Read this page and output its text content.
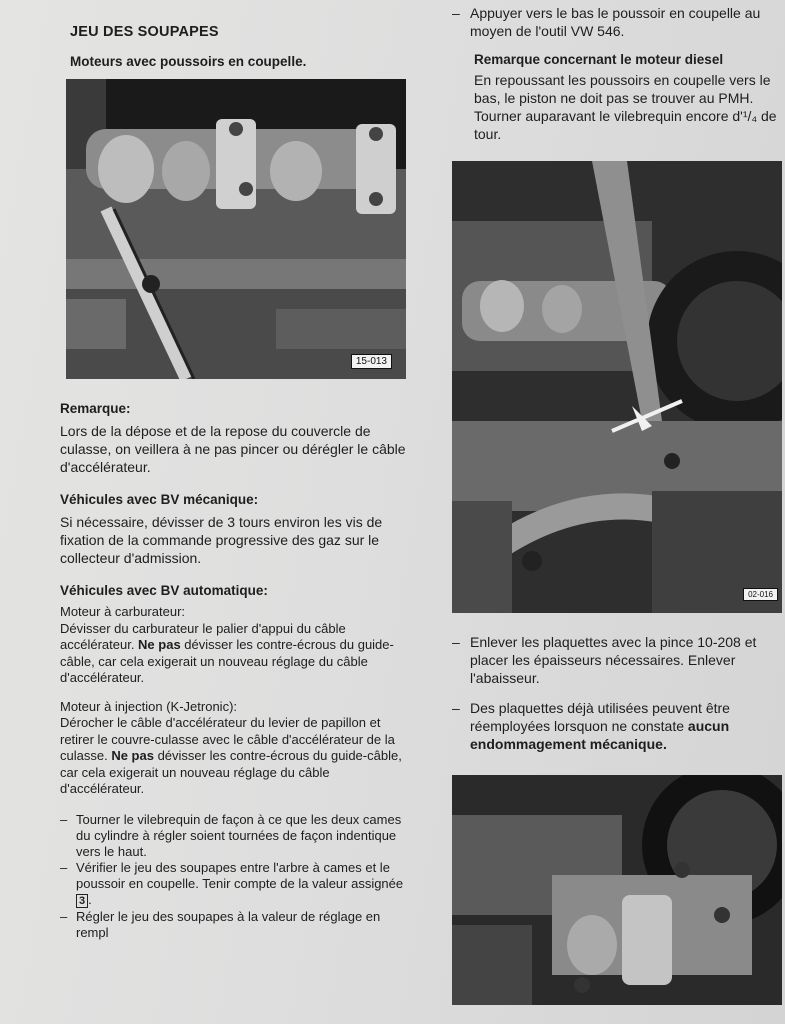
JEU DES SOUPAPES
Moteurs avec poussoirs en coupelle.
15-013
Remarque:

Lors de la dépose et de la repose du couvercle de culasse, on veillera à ne pas pincer ou dérégler le câble d'accélérateur.

Véhicules avec BV mécanique:

Si nécessaire, dévisser de 3 tours environ les vis de fixation de la commande progressive des gaz sur le collecteur d'admission.

Véhicules avec BV automatique:

Moteur à carburateur:

Dévisser du carburateur le palier d'appui du câble accélérateur. Ne pas dévisser les contre-écrous du guide-câble, car cela exigerait un nouveau réglage du câble d'accélérateur.

Moteur à injection (K-Jetronic):

Dérocher le câble d'accélérateur du levier de papillon et retirer le couvre-culasse avec le câble d'accélérateur de la culasse. Ne pas dévisser les contre-écrous du guide-câble, car cela exigerait un nouveau réglage du câble d'accélérateur.

– Tourner le vilebrequin de façon à ce que les deux cames du cylindre à régler soient tournées de façon indentique vers le haut.
– Vérifier le jeu des soupapes entre l'arbre à cames et le poussoir en coupelle. Tenir compte de la valeur assignée 3 .
– Régler le jeu des soupapes à la valeur de réglage en rempl
– Appuyer vers le bas le poussoir en coupelle au moyen de l'outil VW 546.
Remarque concernant le moteur diesel

En repoussant les poussoirs en coupelle vers le bas, le piston ne doit pas se trouver au PMH. Tourner auparavant le vilebrequin encore d'¹/₄ de tour.

02-016
– Enlever les plaquettes avec la pince 10-208 et placer les épaisseurs nécessaires. Enlever l'abaisseur.
– Des plaquettes déjà utilisées peuvent être réemployées lorsquon ne constate aucun endommagement mécanique.
